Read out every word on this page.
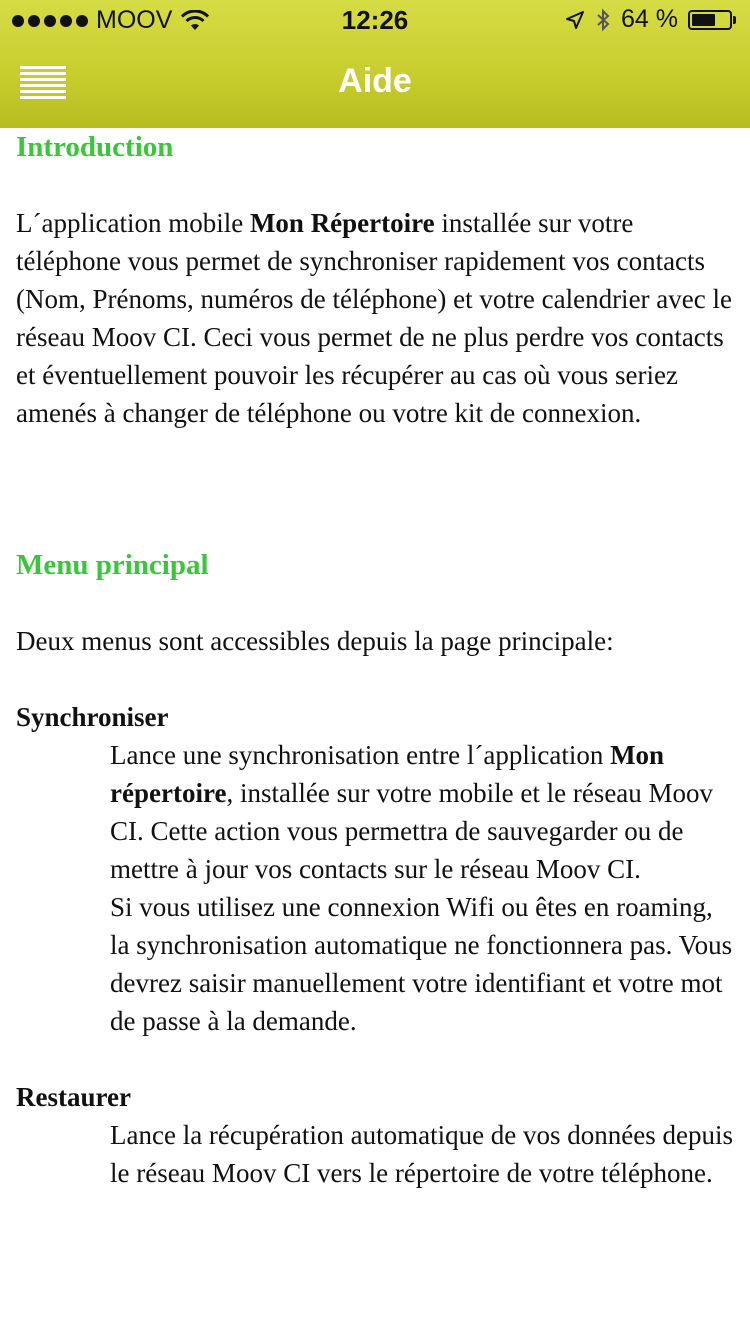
MOOV	12:26	64 %
Aide
Introduction

L´application mobile Mon Répertoire installée sur votre téléphone vous permet de synchroniser rapidement vos contacts (Nom, Prénoms, numéros de téléphone) et votre calendrier avec le réseau Moov CI. Ceci vous permet de ne plus perdre vos contacts et éventuellement pouvoir les récupérer au cas où vous seriez amenés à changer de téléphone ou votre kit de connexion.

Menu principal

Deux menus sont accessibles depuis la page principale:

Synchroniser

Lance une synchronisation entre l´application Mon répertoire, installée sur votre mobile et le réseau Moov CI. Cette action vous permettra de sauvegarder ou de mettre à jour vos contacts sur le réseau Moov CI.

Si vous utilisez une connexion Wifi ou êtes en roaming, la synchronisation automatique ne fonctionnera pas. Vous devrez saisir manuellement votre identifiant et votre mot de passe à la demande.

Restaurer

Lance la récupération automatique de vos données depuis le réseau Moov CI vers le répertoire de votre téléphone.
